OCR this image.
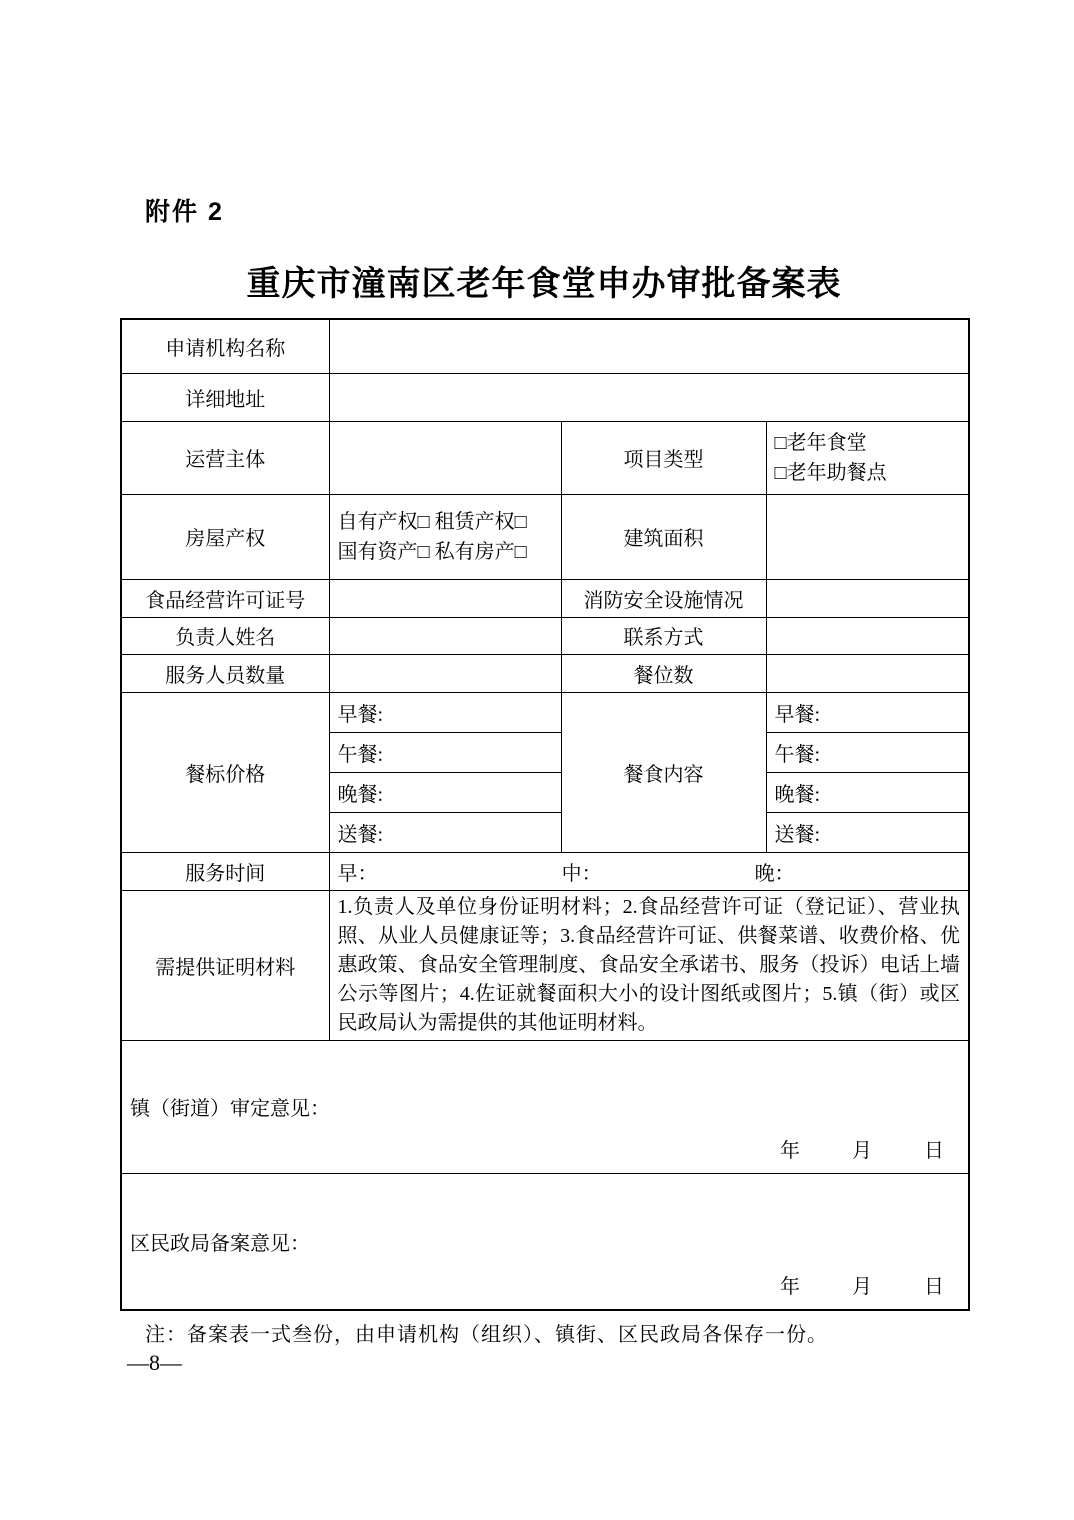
附件 2
重庆市潼南区老年食堂申办审批备案表
申请机构名称			
详细地址			
运营主体		项目类型	□老年食堂
□老年助餐点

房屋产权	自有产权□ 租赁产权□
国有资产□ 私有房产□	建筑面积	
食品经营许可证号		消防安全设施情况	
负责人姓名		联系方式	
服务人员数量		餐位数	
餐标价格	早餐:	餐食内容	早餐:
	午餐:		午餐:
	晚餐:		晚餐:
	送餐:		送餐:
服务时间	早： 中： 晚：		

需提供证明材料	1.负责人及单位身份证明材料；2.食品经营许可证（登记证）、营业执照、从业人员健康证等；3.食品经营许可证、供餐菜谱、收费价格、优惠政策、食品安全管理制度、食品安全承诺书、服务（投诉）电话上墙公示等图片；4.佐证就餐面积大小的设计图纸或图片；5.镇（街）或区民政局认为需提供的其他证明材料。		

镇（街道）审定意见：
年 月 日			

区民政局备案意见：
年 月 日			
注：备案表一式叁份，由申请机构（组织）、镇街、区民政局各保存一份。
—8—
